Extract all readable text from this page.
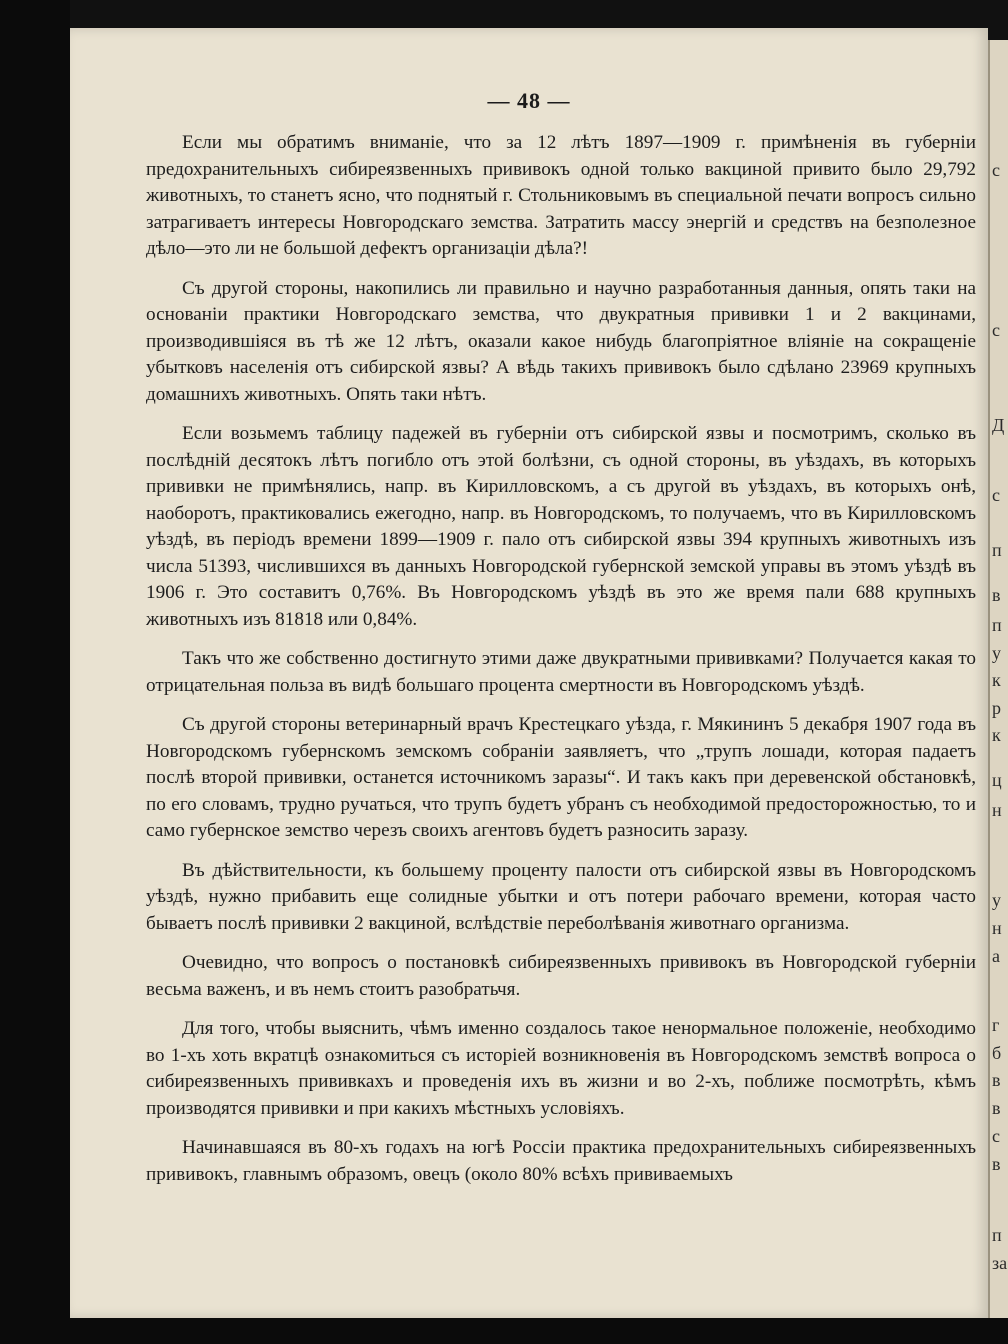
— 48 —

Если мы обратимъ вниманіе, что за 12 лѣтъ 1897—1909 г. примѣненія въ губерніи предохранительныхъ сибиреязвенныхъ прививокъ одной только вакциной привито было 29,792 животныхъ, то станетъ ясно, что поднятый г. Стольниковымъ въ специальной печати вопросъ сильно затрагиваетъ интересы Новгородскаго земства. Затратить массу энергій и средствъ на безполезное дѣло—это ли не большой дефектъ организаціи дѣла?!

Съ другой стороны, накопились ли правильно и научно разработанныя данныя, опять таки на основаніи практики Новгородскаго земства, что двукратныя прививки 1 и 2 вакцинами, производившіяся въ тѣ же 12 лѣтъ, оказали какое нибудь благопріятное вліяніе на сокращеніе убытковъ населенія отъ сибирской язвы? А вѣдь такихъ прививокъ было сдѣлано 23969 крупныхъ домашнихъ животныхъ. Опять таки нѣтъ.

Если возьмемъ таблицу падежей въ губерніи отъ сибирской язвы и посмотримъ, сколько въ послѣдній десятокъ лѣтъ погибло отъ этой болѣзни, съ одной стороны, въ уѣздахъ, въ которыхъ прививки не примѣнялись, напр. въ Кирилловскомъ, а съ другой въ уѣздахъ, въ которыхъ онѣ, наоборотъ, практиковались ежегодно, напр. въ Новгородскомъ, то получаемъ, что въ Кирилловскомъ уѣздѣ, въ періодъ времени 1899—1909 г. пало отъ сибирской язвы 394 крупныхъ животныхъ изъ числа 51393, числившихся въ данныхъ Новгородской губернской земской управы въ этомъ уѣздѣ въ 1906 г. Это составитъ 0,76%. Въ Новгородскомъ уѣздѣ въ это же время пали 688 крупныхъ животныхъ изъ 81818 или 0,84%.

Такъ что же собственно достигнуто этими даже двукратными прививками? Получается какая то отрицательная польза въ видѣ большаго процента смертности въ Новгородскомъ уѣздѣ.

Съ другой стороны ветеринарный врачъ Крестецкаго уѣзда, г. Мякининъ 5 декабря 1907 года въ Новгородскомъ губернскомъ земскомъ собраніи заявляетъ, что „трупъ лошади, которая падаетъ послѣ второй прививки, останется источникомъ заразы“. И такъ какъ при деревенской обстановкѣ, по его словамъ, трудно ручаться, что трупъ будетъ убранъ съ необходимой предосторожностью, то и само губернское земство черезъ своихъ агентовъ будетъ разносить заразу.

Въ дѣйствительности, къ большему проценту палости отъ сибирской язвы въ Новгородскомъ уѣздѣ, нужно прибавить еще солидные убытки и отъ потери рабочаго времени, которая часто бываетъ послѣ прививки 2 вакциной, вслѣдствіе переболѣванія животнаго организма.

Очевидно, что вопросъ о постановкѣ сибиреязвенныхъ прививокъ въ Новгородской губерніи весьма важенъ, и въ немъ стоитъ разобратьчя.

Для того, чтобы выяснить, чѣмъ именно создалось такое ненормальное положеніе, необходимо во 1-хъ хоть вкратцѣ ознакомиться съ исторіей возникновенія въ Новгородскомъ земствѣ вопроса о сибиреязвенныхъ прививкахъ и проведенія ихъ въ жизни и во 2-хъ, поближе посмотрѣть, кѣмъ производятся прививки и при какихъ мѣстныхъ условіяхъ.

Начинавшаяся въ 80-хъ годахъ на югѣ Россіи практика предохранительныхъ сибиреязвенныхъ прививокъ, главнымъ образомъ, овецъ (около 80% всѣхъ прививаемыхъ

с
с
Д
с
п
в
п
у
к
р
к
ц
н
у
н
а
г
б
в
в
с
в
п
за
